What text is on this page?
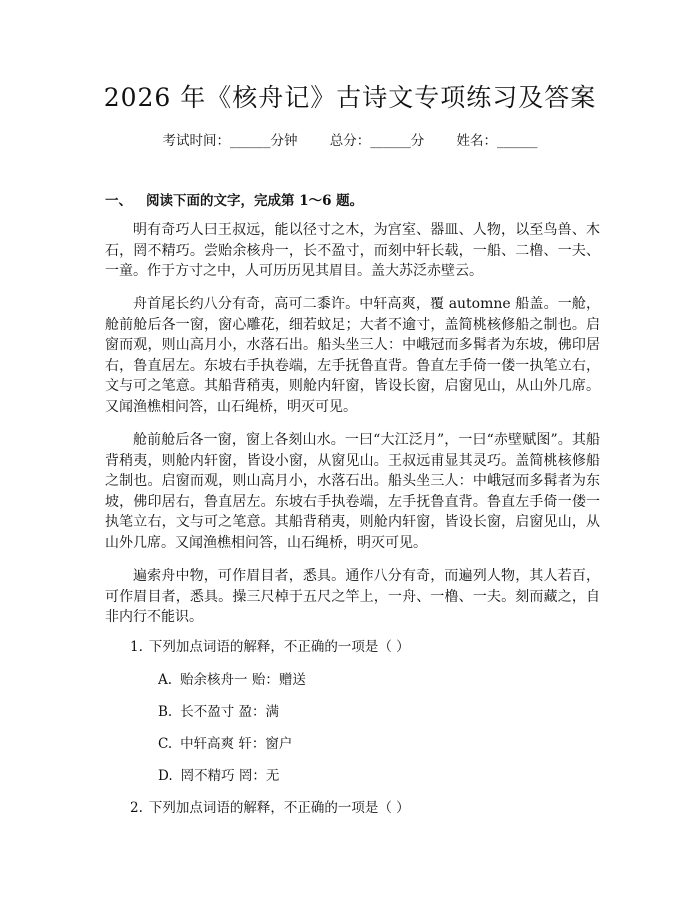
2026 年《核舟记》古诗文专项练习及答案
考试时间：______分钟 总分：______分 姓名：______
一、 阅读下面的文字，完成第 1～6 题。
明有奇巧人曰王叔远，能以径寸之木，为宫室、器皿、人物，以至鸟兽、木石，罔不精巧。尝贻余核舟一，长不盈寸，而刻中轩长载，一船、二橹、一夫、一童。作于方寸之中，人可历历见其眉目。盖大苏泛赤壁云。
舟首尾长约八分有奇，高可二黍许。中轩高爽，覆 automne 船盖。一舱，舱前舱后各一窗，窗心雕花，细若蚊足；大者不逾寸，盖简桃核修船之制也。启窗而观，则山高月小，水落石出。船头坐三人：中峨冠而多髯者为东坡，佛印居右，鲁直居左。东坡右手执卷端，左手抚鲁直背。鲁直左手倚一偻一执笔立右，文与可之笔意。其船背稍夷，则舱内轩窗，皆设长窗，启窗见山，从山外几席。又闻渔樵相问答，山石绳桥，明灭可见。
舱前舱后各一窗，窗上各刻山水。一曰“大江泛月”，一曰“赤壁赋图”。其船背稍夷，则舱内轩窗，皆设小窗，从窗见山。王叔远甫显其灵巧。盖简桃核修船之制也。启窗而观，则山高月小，水落石出。船头坐三人：中峨冠而多髯者为东坡，佛印居右，鲁直居左。东坡右手执卷端，左手抚鲁直背。鲁直左手倚一偻一执笔立右，文与可之笔意。其船背稍夷，则舱内轩窗，皆设长窗，启窗见山，从山外几席。又闻渔樵相问答，山石绳桥，明灭可见。
遍索舟中物，可作眉目者，悉具。通作八分有奇，而遍列人物，其人若百，可作眉目者，悉具。操三尺棹于五尺之竿上，一舟、一橹、一夫。刻而藏之，自非内行不能识。
1. 下列加点词语的解释，不正确的一项是（ ）
A. 贻余核舟一 贻：赠送
B. 长不盈寸 盈：满
C. 中轩高爽 轩：窗户
D. 罔不精巧 罔：无
2. 下列加点词语的解释，不正确的一项是（ ）
